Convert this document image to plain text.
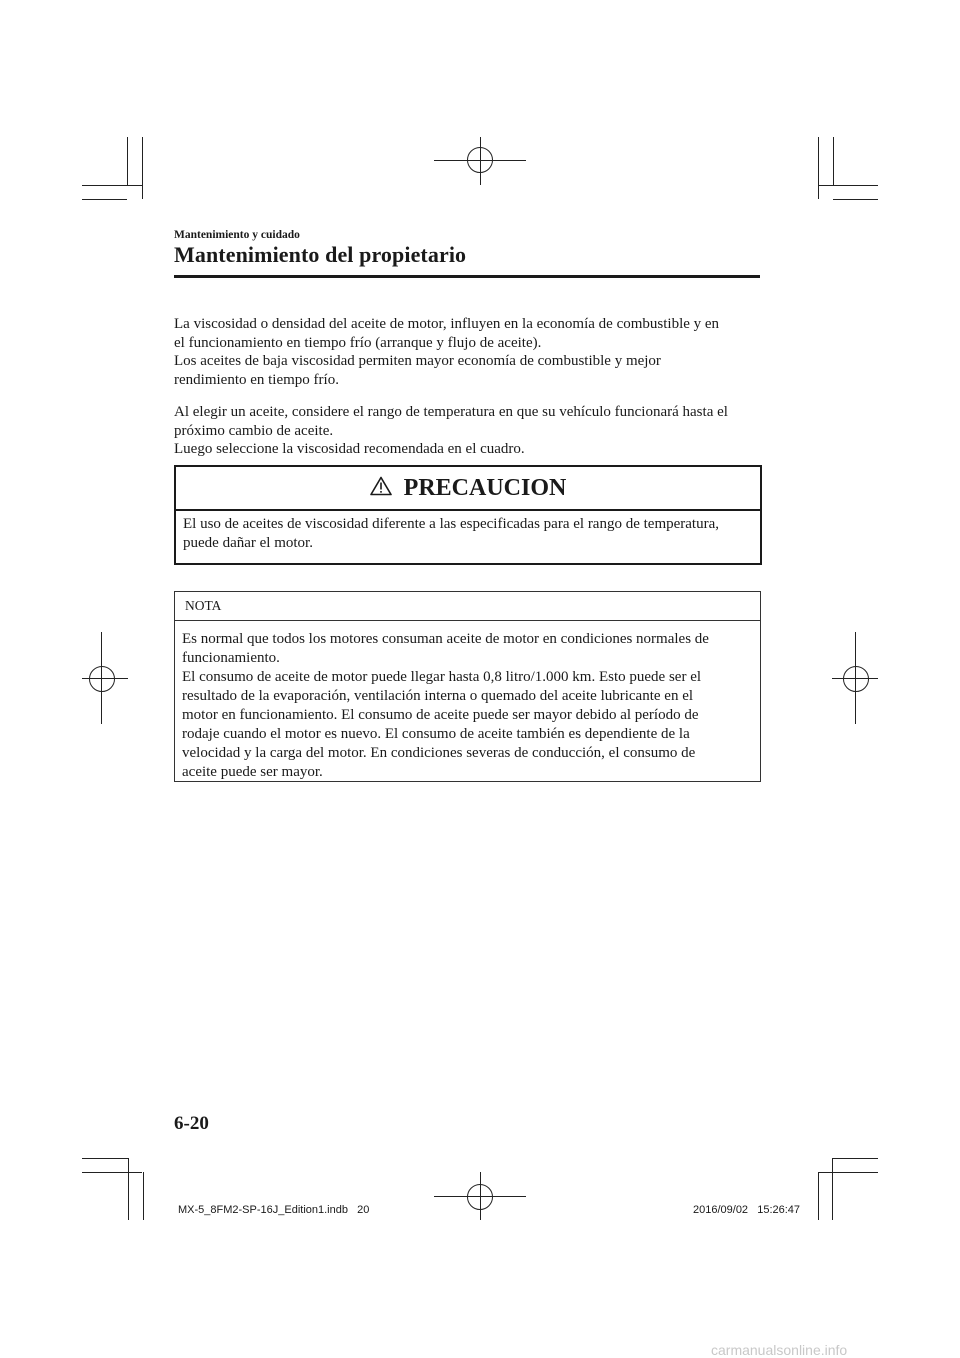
Mantenimiento y cuidado
Mantenimiento del propietario
La viscosidad o densidad del aceite de motor, influyen en la economía de combustible y en
el funcionamiento en tiempo frío (arranque y flujo de aceite).
Los aceites de baja viscosidad permiten mayor economía de combustible y mejor
rendimiento en tiempo frío.
Al elegir un aceite, considere el rango de temperatura en que su vehículo funcionará hasta el
próximo cambio de aceite.
Luego seleccione la viscosidad recomendada en el cuadro.
PRECAUCION
El uso de aceites de viscosidad diferente a las especificadas para el rango de temperatura,
puede dañar el motor.
NOTA
Es normal que todos los motores consuman aceite de motor en condiciones normales de
funcionamiento.
El consumo de aceite de motor puede llegar hasta 0,8 litro/1.000 km. Esto puede ser el
resultado de la evaporación, ventilación interna o quemado del aceite lubricante en el
motor en funcionamiento. El consumo de aceite puede ser mayor debido al período de
rodaje cuando el motor es nuevo. El consumo de aceite también es dependiente de la
velocidad y la carga del motor. En condiciones severas de conducción, el consumo de
aceite puede ser mayor.
6-20
MX-5_8FM2-SP-16J_Edition1.indb   20	2016/09/02   15:26:47
carmanualsonline.info
